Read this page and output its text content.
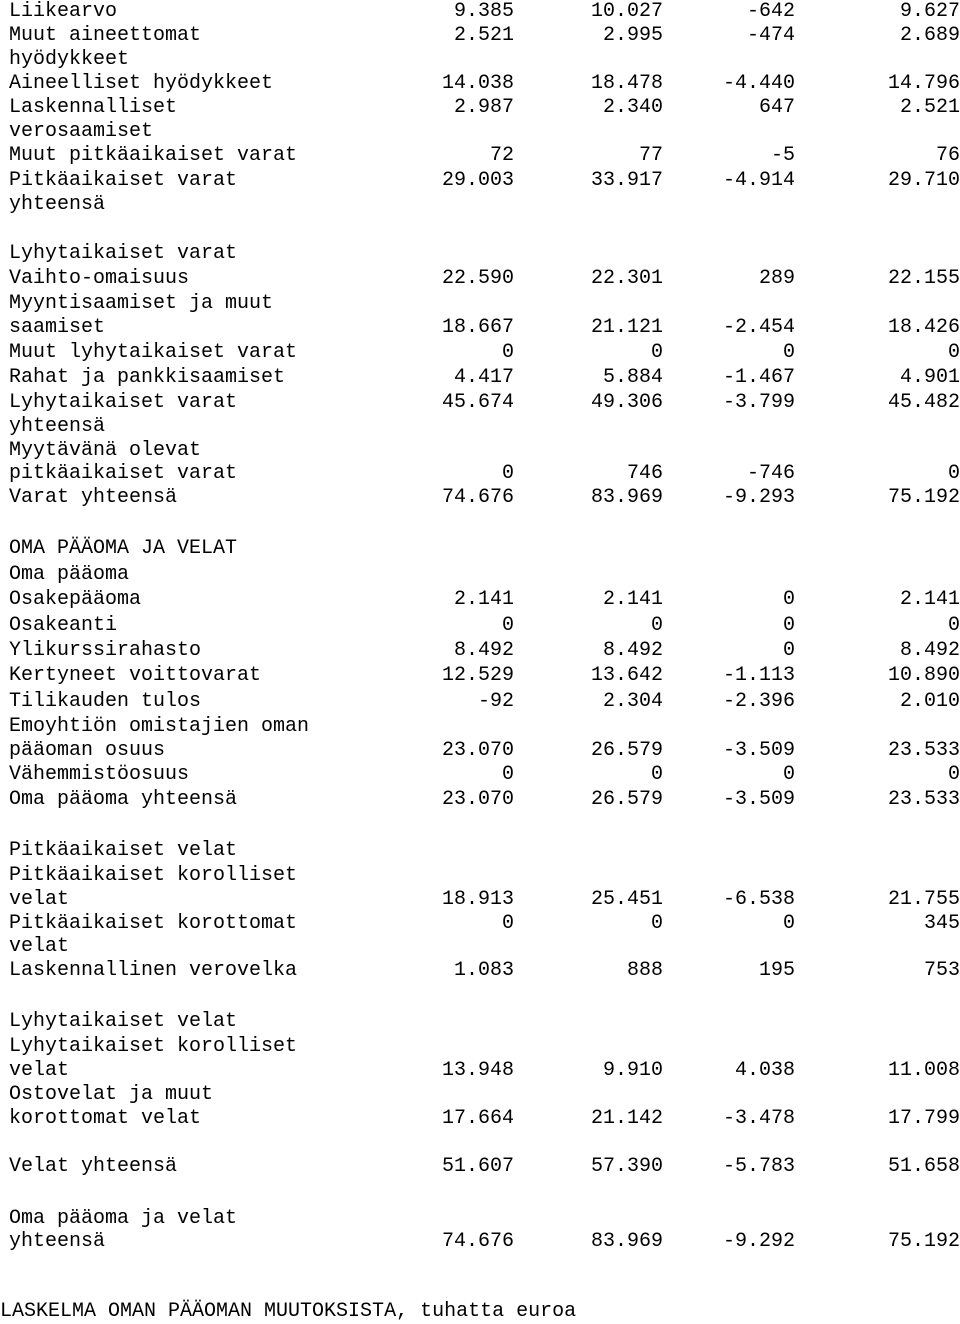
Liikearvo	9.385	10.027	-642	9.627
Muut aineettomat	2.521	2.995	-474	2.689
hyödykkeet
Aineelliset hyödykkeet	14.038	18.478	-4.440	14.796
Laskennalliset	2.987	2.340	647	2.521
verosaamiset
Muut pitkäaikaiset varat	72	77	-5	76
Pitkäaikaiset varat	29.003	33.917	-4.914	29.710
yhteensä
Lyhytaikaiset varat
Vaihto-omaisuus	22.590	22.301	289	22.155
Myyntisaamiset ja muut
saamiset	18.667	21.121	-2.454	18.426
Muut lyhytaikaiset varat	0	0	0	0
Rahat ja pankkisaamiset	4.417	5.884	-1.467	4.901
Lyhytaikaiset varat	45.674	49.306	-3.799	45.482
yhteensä
Myytävänä olevat
pitkäaikaiset varat	0	746	-746	0
Varat yhteensä	74.676	83.969	-9.293	75.192
OMA PÄÄOMA JA VELAT
Oma pääoma
Osakepääoma	2.141	2.141	0	2.141
Osakeanti	0	0	0	0
Ylikurssirahasto	8.492	8.492	0	8.492
Kertyneet voittovarat	12.529	13.642	-1.113	10.890
Tilikauden tulos	-92	2.304	-2.396	2.010
Emoyhtiön omistajien oman
pääoman osuus	23.070	26.579	-3.509	23.533
Vähemmistöosuus	0	0	0	0
Oma pääoma yhteensä	23.070	26.579	-3.509	23.533
Pitkäaikaiset velat
Pitkäaikaiset korolliset
velat	18.913	25.451	-6.538	21.755
Pitkäaikaiset korottomat	0	0	0	345
velat
Laskennallinen verovelka	1.083	888	195	753
Lyhytaikaiset velat
Lyhytaikaiset korolliset
velat	13.948	9.910	4.038	11.008
Ostovelat ja muut
korottomat velat	17.664	21.142	-3.478	17.799
Velat yhteensä	51.607	57.390	-5.783	51.658
Oma pääoma ja velat
yhteensä	74.676	83.969	-9.292	75.192
LASKELMA OMAN PÄÄOMAN MUUTOKSISTA, tuhatta euroa
